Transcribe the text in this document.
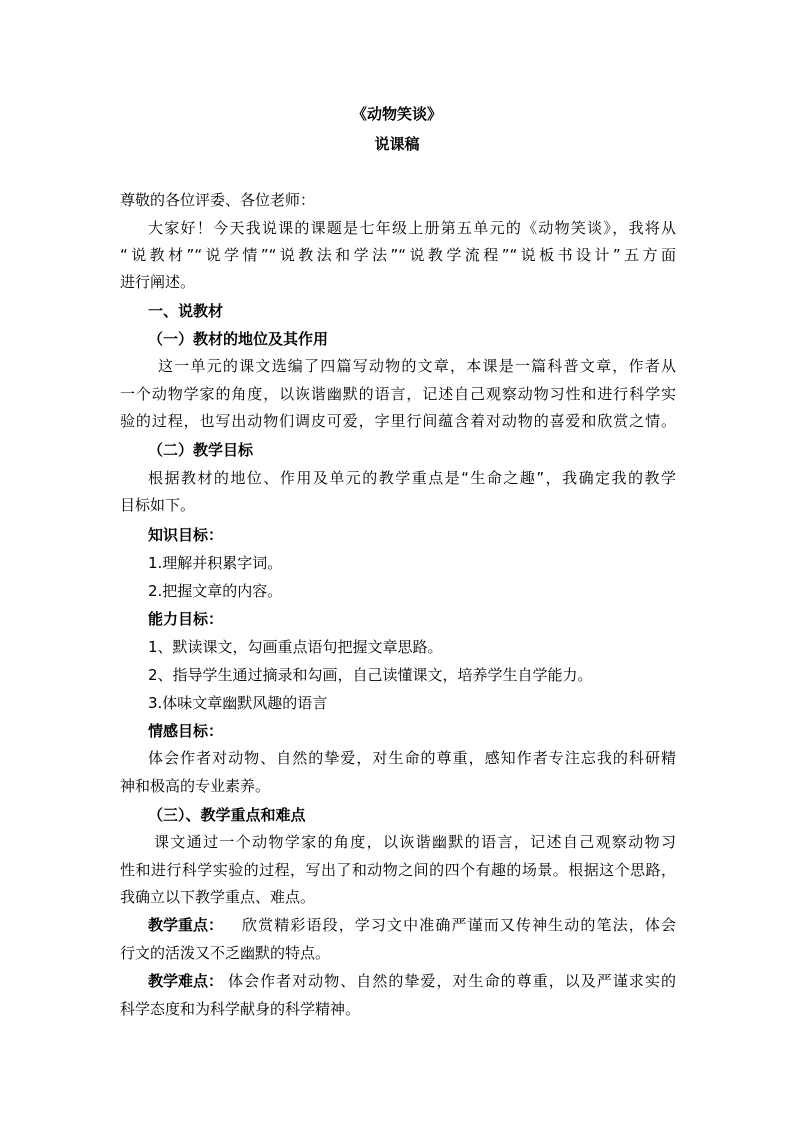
《动物笑谈》
说课稿
尊敬的各位评委、各位老师：
大家好！今天我说课的课题是七年级上册第五单元的《动物笑谈》，我将从
“说教材”“说学情”“说教法和学法”“说教学流程”“说板书设计”五方面
进行阐述。
一、说教材
（一）教材的地位及其作用
这一单元的课文选编了四篇写动物的文章，本课是一篇科普文章，作者从
一个动物学家的角度，以诙谐幽默的语言，记述自己观察动物习性和进行科学实
验的过程，也写出动物们调皮可爱，字里行间蕴含着对动物的喜爱和欣赏之情。
（二）教学目标
根据教材的地位、作用及单元的教学重点是“生命之趣”，我确定我的教学
目标如下。
知识目标：
1.理解并积累字词。
2.把握文章的内容。
能力目标：
1、默读课文，勾画重点语句把握文章思路。
2、指导学生通过摘录和勾画，自己读懂课文，培养学生自学能力。
3.体味文章幽默风趣的语言
情感目标：
体会作者对动物、自然的挚爱，对生命的尊重，感知作者专注忘我的科研精
神和极高的专业素养。
（三）、教学重点和难点
课文通过一个动物学家的角度，以诙谐幽默的语言，记述自己观察动物习
性和进行科学实验的过程，写出了和动物之间的四个有趣的场景。根据这个思路，
我确立以下教学重点、难点。
教学重点：	欣赏精彩语段，学习文中准确严谨而又传神生动的笔法，体会
行文的活泼又不乏幽默的特点。
教学难点： 体会作者对动物、自然的挚爱，对生命的尊重，以及严谨求实的
科学态度和为科学献身的科学精神。
